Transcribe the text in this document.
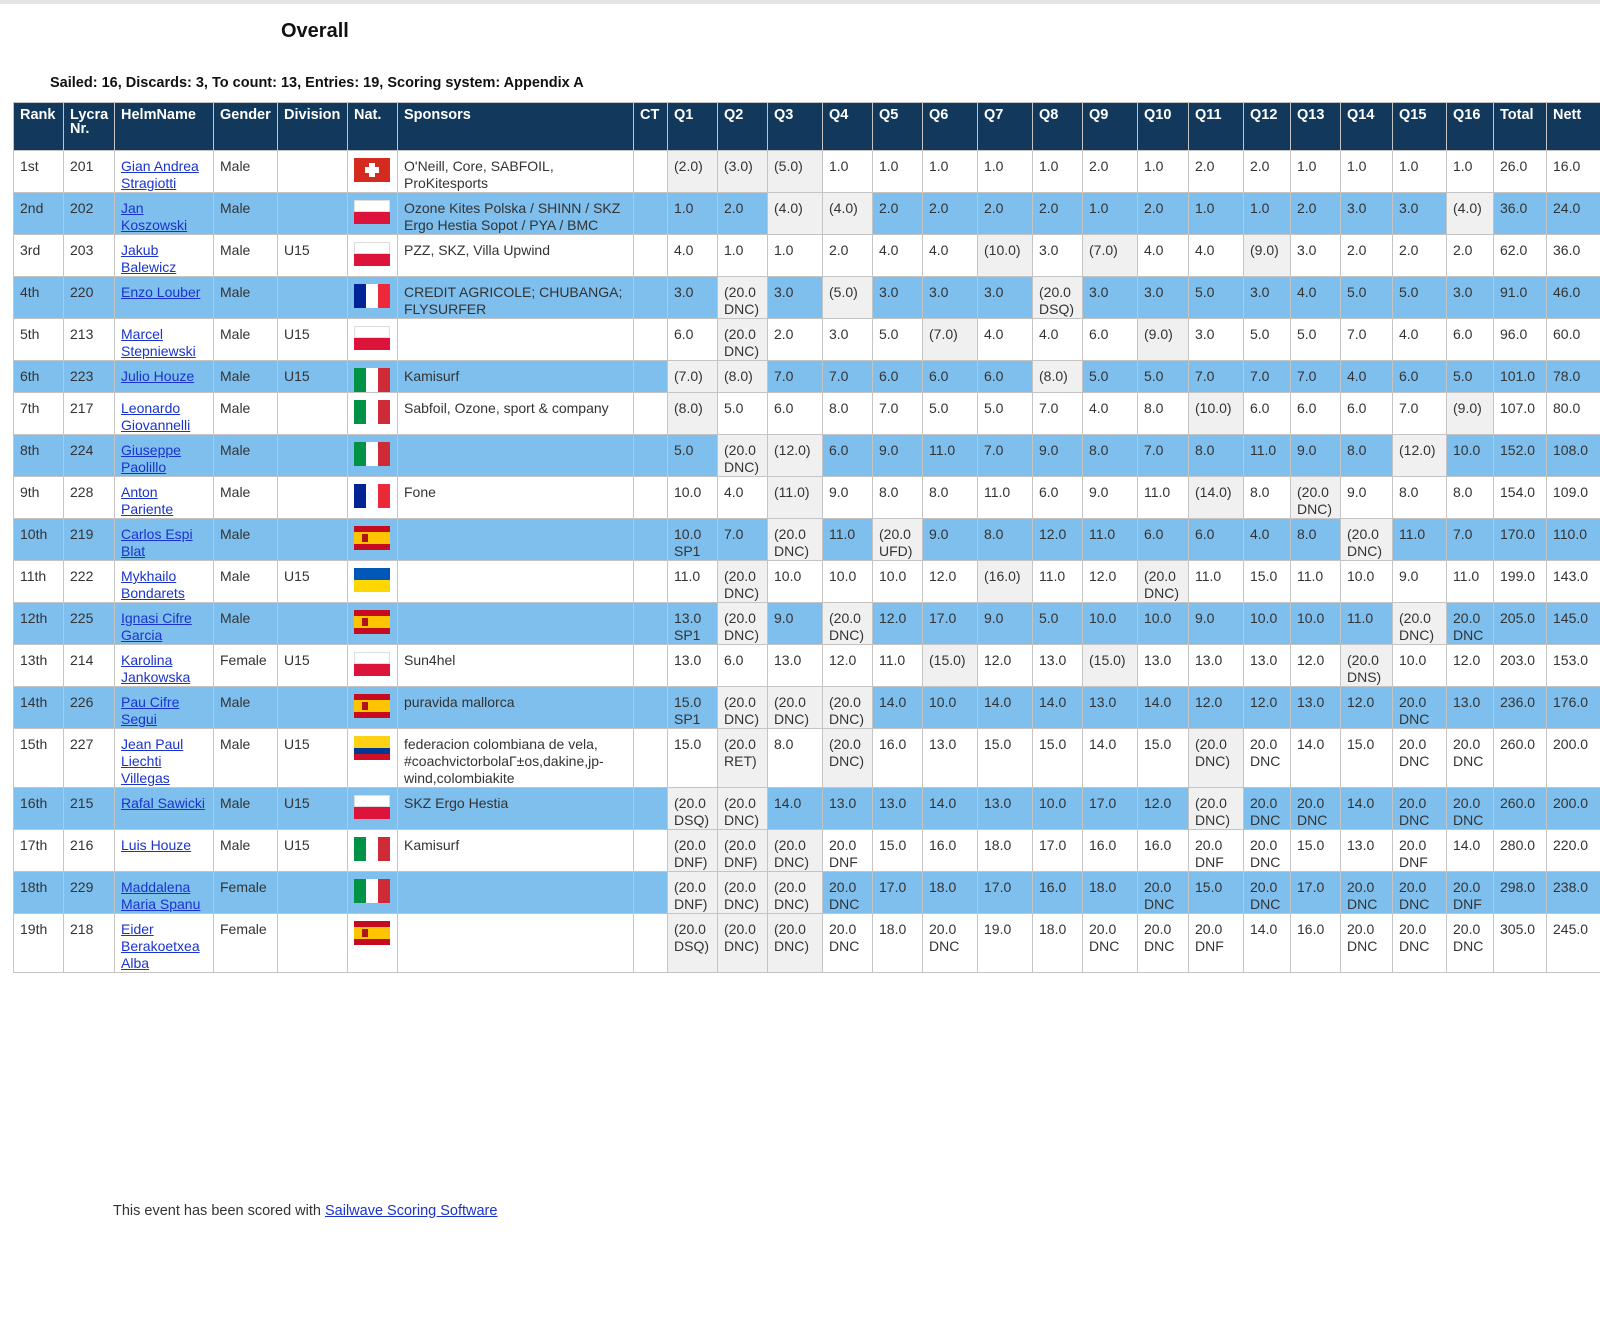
Overall
Sailed: 16, Discards: 3, To count: 13, Entries: 19, Scoring system: Appendix A
Rank	Lycra Nr.	HelmName	Gender	Division	Nat.	Sponsors	CT	Q1	Q2	Q3	Q4	Q5	Q6	Q7	Q8	Q9	Q10	Q11	Q12	Q13	Q14	Q15	Q16	Total	Nett
1st	201	Gian Andrea Stragiotti	Male			O'Neill, Core, SABFOIL, ProKitesports		(2.0)	(3.0)	(5.0)	1.0	1.0	1.0	1.0	1.0	2.0	1.0	2.0	2.0	1.0	1.0	1.0	1.0	26.0	16.0
2nd	202	Jan Koszowski	Male			Ozone Kites Polska / SHINN / SKZ Ergo Hestia Sopot / PYA / BMC		1.0	2.0	(4.0)	(4.0)	2.0	2.0	2.0	2.0	1.0	2.0	1.0	1.0	2.0	3.0	3.0	(4.0)	36.0	24.0
3rd	203	Jakub Balewicz	Male	U15		PZZ, SKZ, Villa Upwind		4.0	1.0	1.0	2.0	4.0	4.0	(10.0)	3.0	(7.0)	4.0	4.0	(9.0)	3.0	2.0	2.0	2.0	62.0	36.0
4th	220	Enzo Louber	Male			CREDIT AGRICOLE; CHUBANGA; FLYSURFER		3.0	(20.0 DNC)	3.0	(5.0)	3.0	3.0	3.0	(20.0 DSQ)	3.0	3.0	5.0	3.0	4.0	5.0	5.0	3.0	91.0	46.0
5th	213	Marcel Stepniewski	Male	U15				6.0	(20.0 DNC)	2.0	3.0	5.0	(7.0)	4.0	4.0	6.0	(9.0)	3.0	5.0	5.0	7.0	4.0	6.0	96.0	60.0
6th	223	Julio Houze	Male	U15		Kamisurf		(7.0)	(8.0)	7.0	7.0	6.0	6.0	6.0	(8.0)	5.0	5.0	7.0	7.0	7.0	4.0	6.0	5.0	101.0	78.0
7th	217	Leonardo Giovannelli	Male			Sabfoil, Ozone, sport & company		(8.0)	5.0	6.0	8.0	7.0	5.0	5.0	7.0	4.0	8.0	(10.0)	6.0	6.0	6.0	7.0	(9.0)	107.0	80.0
8th	224	Giuseppe Paolillo	Male					5.0	(20.0 DNC)	(12.0)	6.0	9.0	11.0	7.0	9.0	8.0	7.0	8.0	11.0	9.0	8.0	(12.0)	10.0	152.0	108.0
9th	228	Anton Pariente	Male			Fone		10.0	4.0	(11.0)	9.0	8.0	8.0	11.0	6.0	9.0	11.0	(14.0)	8.0	(20.0 DNC)	9.0	8.0	8.0	154.0	109.0
10th	219	Carlos Espi Blat	Male					10.0 SP1	7.0	(20.0 DNC)	11.0	(20.0 UFD)	9.0	8.0	12.0	11.0	6.0	6.0	4.0	8.0	(20.0 DNC)	11.0	7.0	170.0	110.0
11th	222	Mykhailo Bondarets	Male	U15				11.0	(20.0 DNC)	10.0	10.0	10.0	12.0	(16.0)	11.0	12.0	(20.0 DNC)	11.0	15.0	11.0	10.0	9.0	11.0	199.0	143.0
12th	225	Ignasi Cifre Garcia	Male					13.0 SP1	(20.0 DNC)	9.0	(20.0 DNC)	12.0	17.0	9.0	5.0	10.0	10.0	9.0	10.0	10.0	11.0	(20.0 DNC)	20.0 DNC	205.0	145.0
13th	214	Karolina Jankowska	Female	U15		Sun4hel		13.0	6.0	13.0	12.0	11.0	(15.0)	12.0	13.0	(15.0)	13.0	13.0	13.0	12.0	(20.0 DNS)	10.0	12.0	203.0	153.0
14th	226	Pau Cifre Segui	Male			puravida mallorca		15.0 SP1	(20.0 DNC)	(20.0 DNC)	(20.0 DNC)	14.0	10.0	14.0	14.0	13.0	14.0	12.0	12.0	13.0	12.0	20.0 DNC	13.0	236.0	176.0
15th	227	Jean Paul Liechti Villegas	Male	U15		federacion colombiana de vela, #coachvictorbolaГ±os,dakine,jp-wind,colombiakite		15.0	(20.0 RET)	8.0	(20.0 DNC)	16.0	13.0	15.0	15.0	14.0	15.0	(20.0 DNC)	20.0 DNC	14.0	15.0	20.0 DNC	20.0 DNC	260.0	200.0
16th	215	Rafal Sawicki	Male	U15		SKZ Ergo Hestia		(20.0 DSQ)	(20.0 DNC)	14.0	13.0	13.0	14.0	13.0	10.0	17.0	12.0	(20.0 DNC)	20.0 DNC	20.0 DNC	14.0	20.0 DNC	20.0 DNC	260.0	200.0
17th	216	Luis Houze	Male	U15		Kamisurf		(20.0 DNF)	(20.0 DNF)	(20.0 DNC)	20.0 DNF	15.0	16.0	18.0	17.0	16.0	16.0	20.0 DNF	20.0 DNC	15.0	13.0	20.0 DNF	14.0	280.0	220.0
18th	229	Maddalena Maria Spanu	Female					(20.0 DNF)	(20.0 DNC)	(20.0 DNC)	20.0 DNC	17.0	18.0	17.0	16.0	18.0	20.0 DNC	15.0	20.0 DNC	17.0	20.0 DNC	20.0 DNC	20.0 DNF	298.0	238.0
19th	218	Eider Berakoetxea Alba	Female					(20.0 DSQ)	(20.0 DNC)	(20.0 DNC)	20.0 DNC	18.0	20.0 DNC	19.0	18.0	20.0 DNC	20.0 DNC	20.0 DNF	14.0	16.0	20.0 DNC	20.0 DNC	20.0 DNC	305.0	245.0
This event has been scored with Sailwave Scoring Software
